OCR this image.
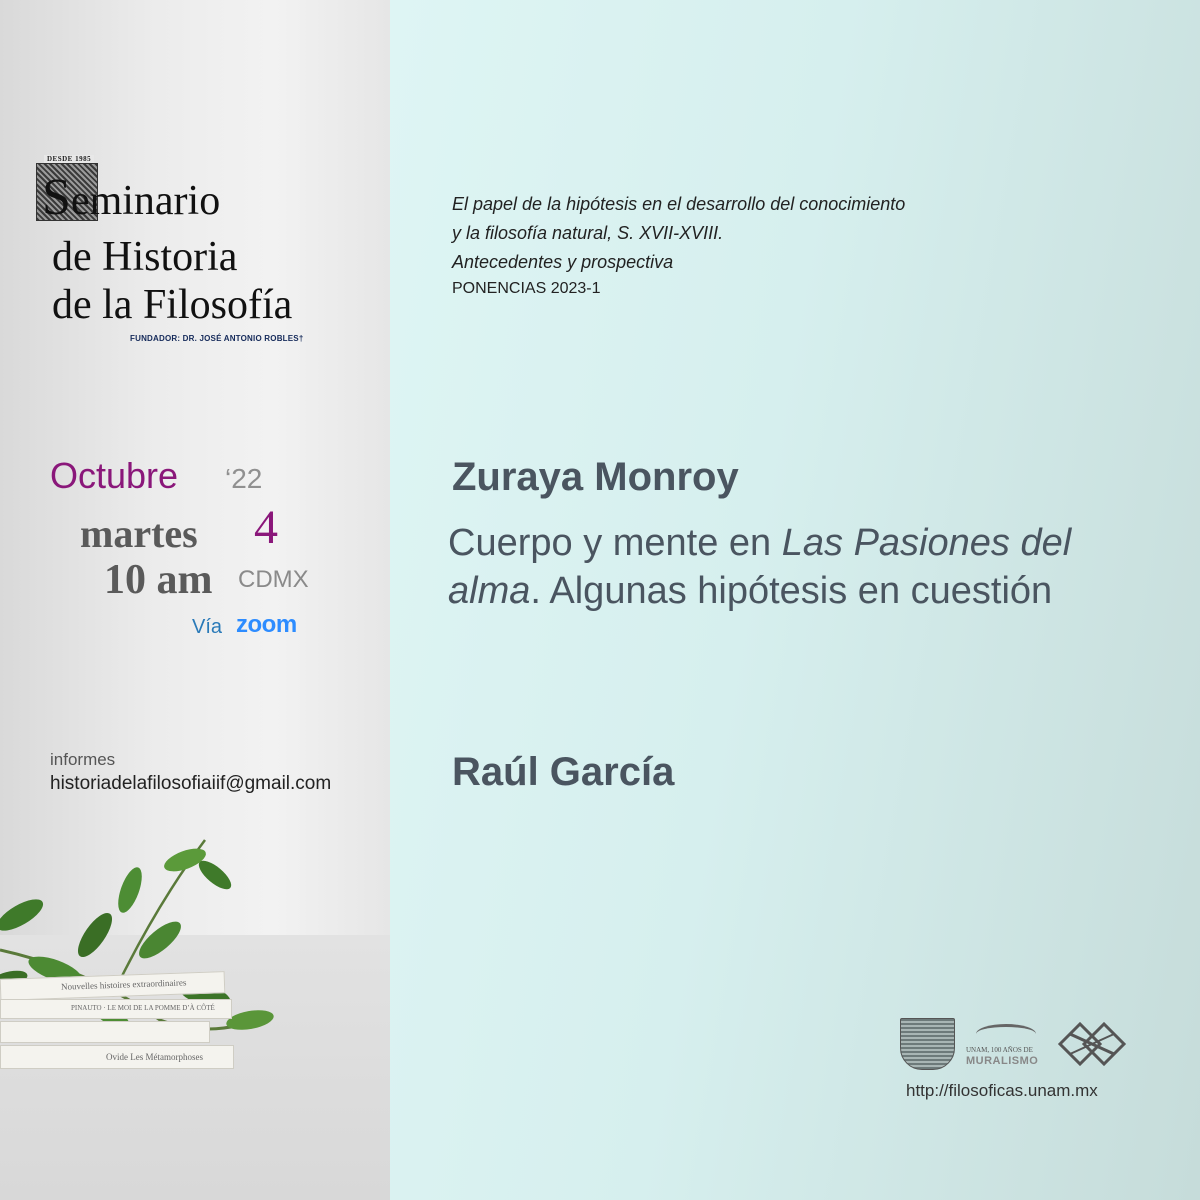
DESDE 1985
Seminario
de Historia
de la Filosofía
FUNDADOR: DR. JOSÉ ANTONIO ROBLES†
Octubre ‘22
martes 4
10 am CDMX
Vía zoom
informes
historiadelafilosofiaiif@gmail.com
Nouvelles histoires extraordinaires
PINAUTO · LE MOI DE LA POMME D’À CÔTÉ
Ovide Les Métamorphoses
El papel de la hipótesis en el desarrollo del conocimiento
y la filosofía natural, S. XVII-XVIII.
Antecedentes y prospectiva
PONENCIAS 2023-1
Zuraya Monroy
Cuerpo y mente en Las Pasiones del alma. Algunas hipótesis en cuestión
Raúl García
UNAM, 100 AÑOS DE
MURALISMO
http://filosoficas.unam.mx
